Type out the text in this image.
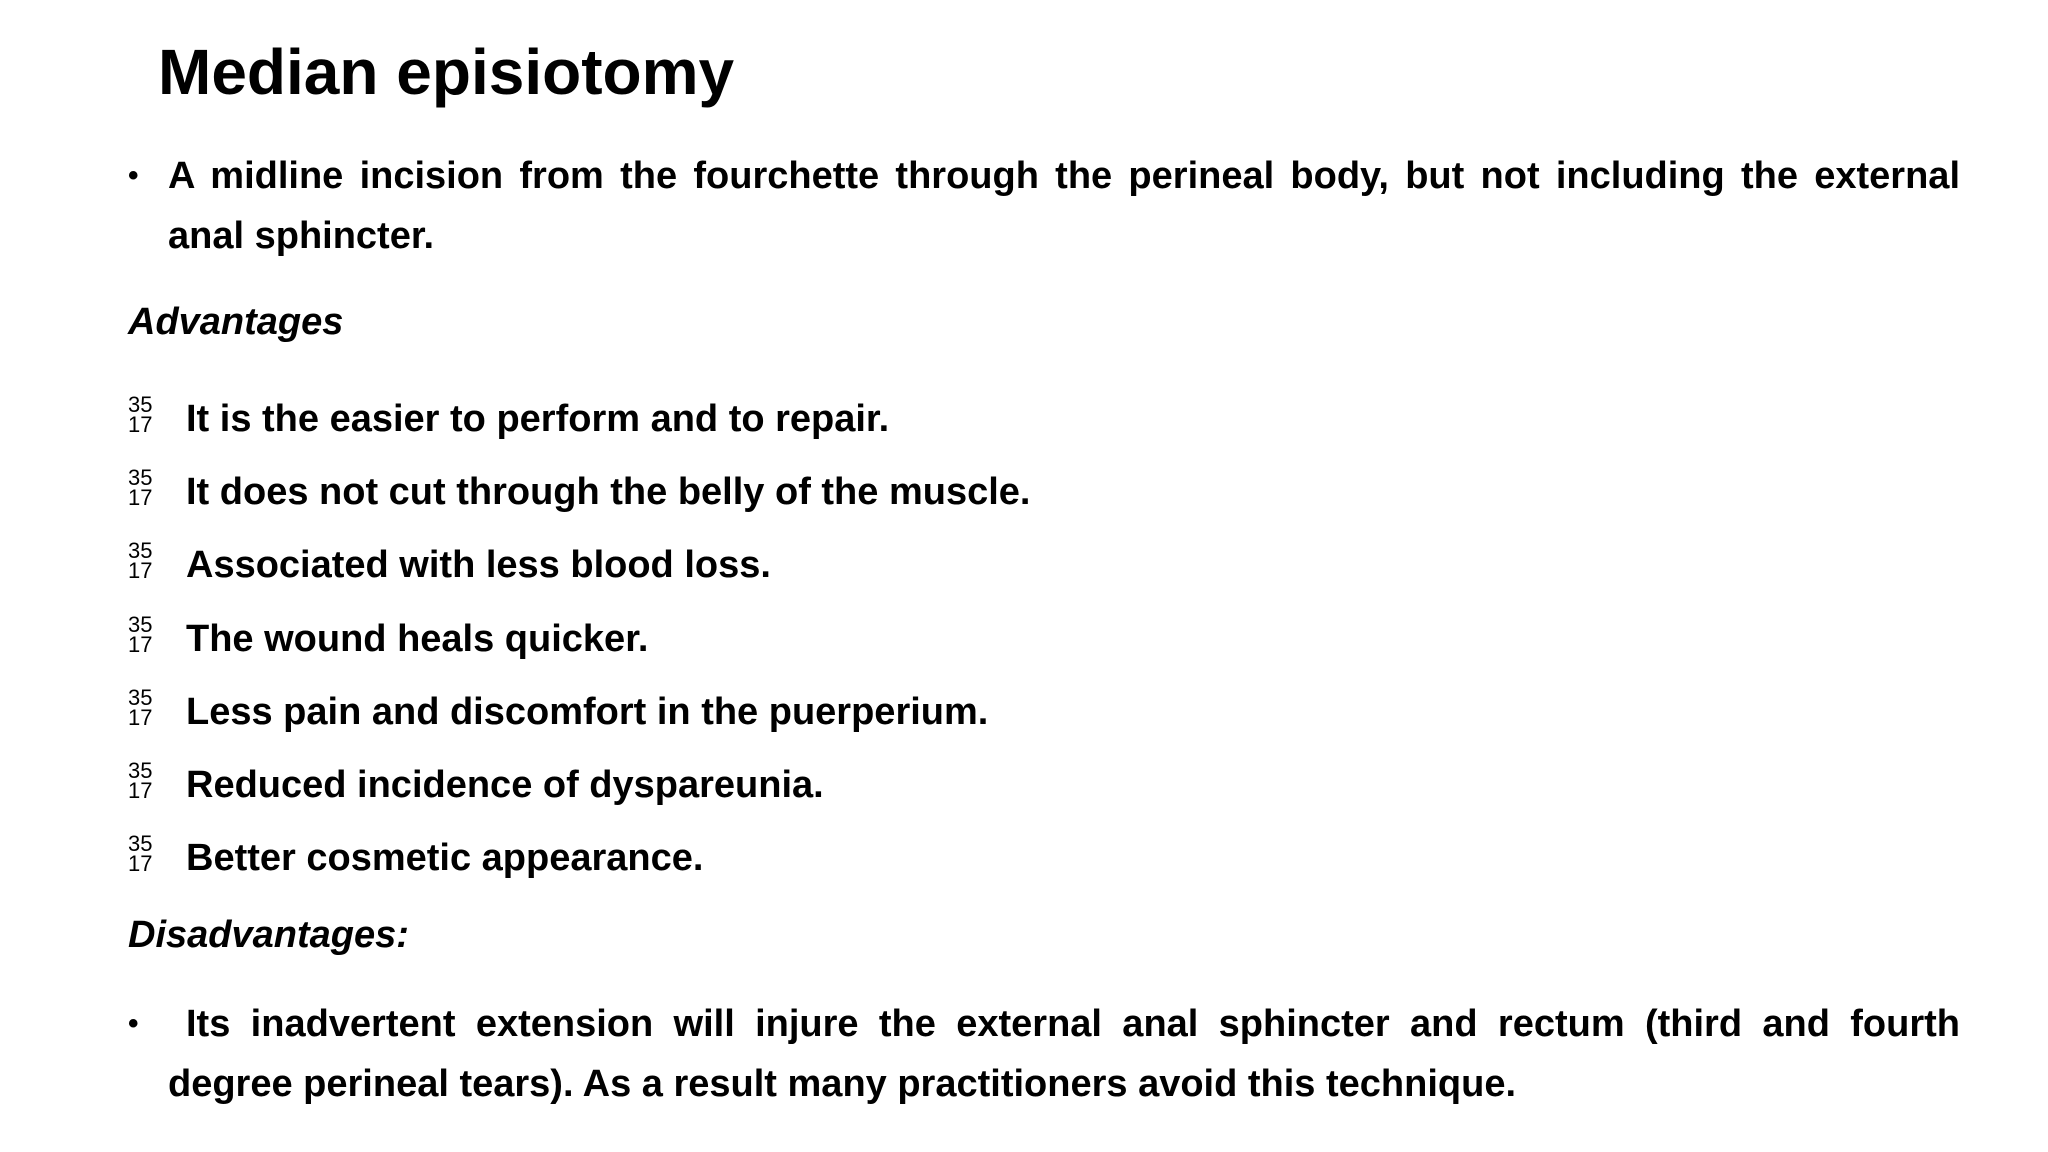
Median episiotomy
• A midline incision from the fourchette through the perineal body, but not including the external anal sphincter.
Advantages
35
17 It is the easier to perform and to repair.
35
17 It does not cut through the belly of the muscle.
35
17 Associated with less blood loss.
35
17 The wound heals quicker.
35
17 Less pain and discomfort in the puerperium.
35
17 Reduced incidence of dyspareunia.
35
17 Better cosmetic appearance.
Disadvantages:
•	Its inadvertent extension will injure the external anal sphincter and rectum (third and fourth degree perineal tears). As a result many practitioners avoid this technique.
